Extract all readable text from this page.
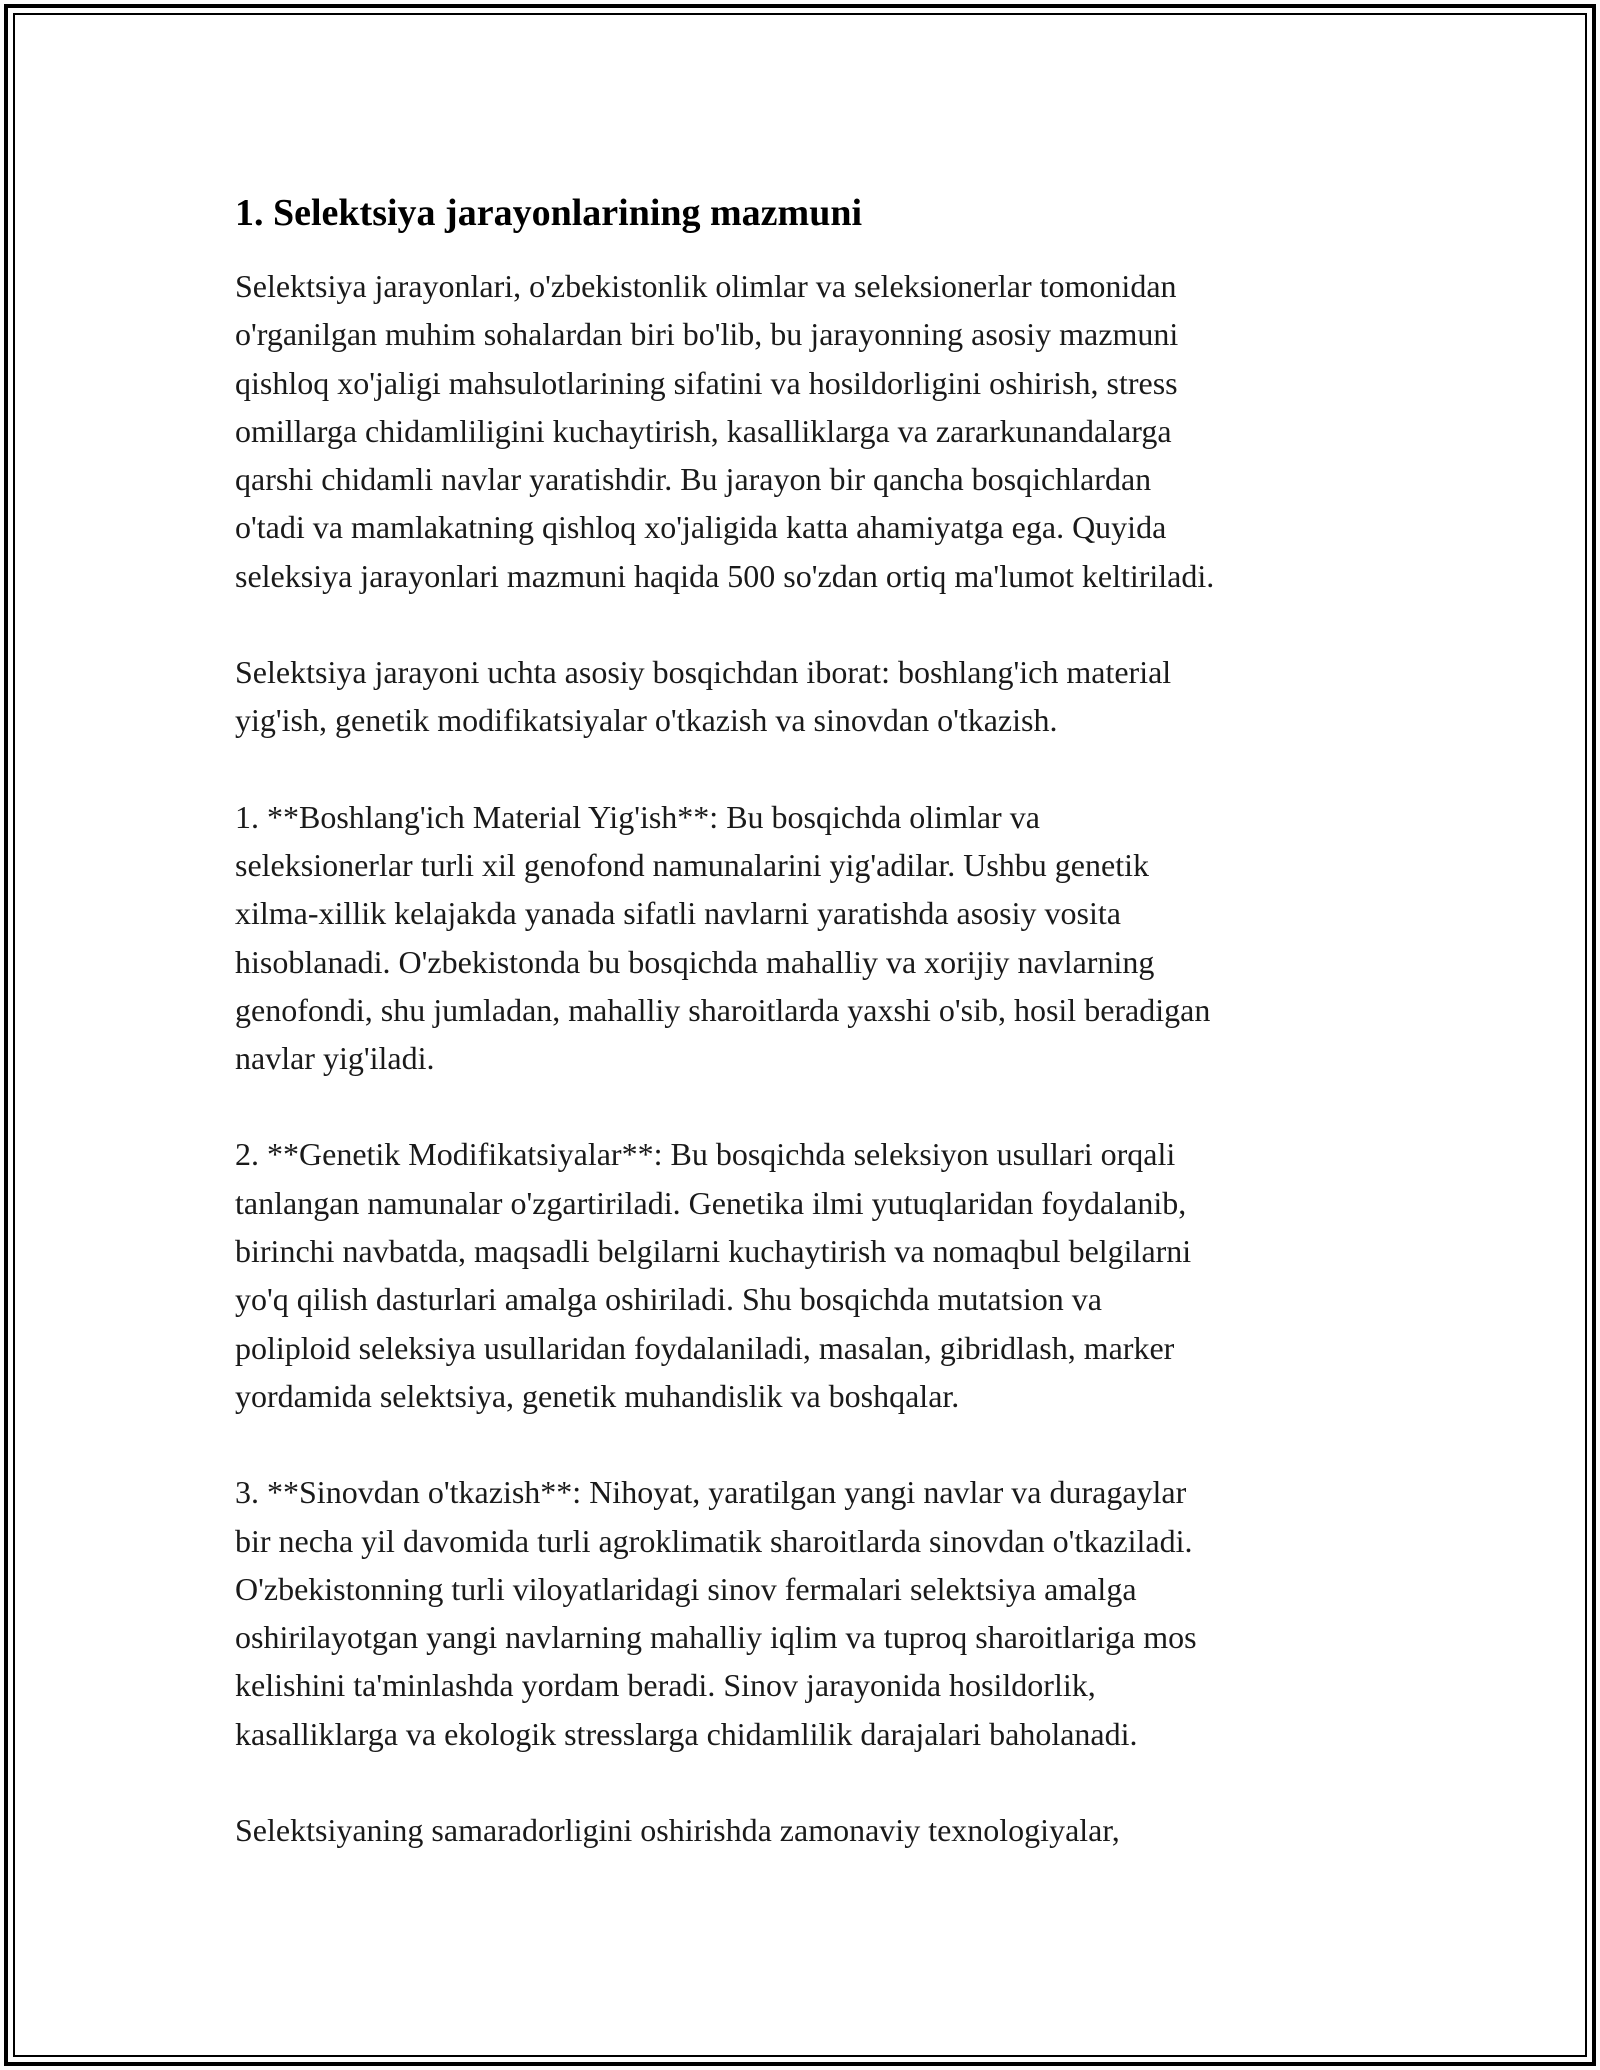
1. Selektsiya jarayonlarining mazmuni

Selektsiya jarayonlari, o'zbekistonlik olimlar va seleksionerlar tomonidan
o'rganilgan muhim sohalardan biri bo'lib, bu jarayonning asosiy mazmuni
qishloq xo'jaligi mahsulotlarining sifatini va hosildorligini oshirish, stress
omillarga chidamliligini kuchaytirish, kasalliklarga va zararkunandalarga
qarshi chidamli navlar yaratishdir. Bu jarayon bir qancha bosqichlardan
o'tadi va mamlakatning qishloq xo'jaligida katta ahamiyatga ega. Quyida
seleksiya jarayonlari mazmuni haqida 500 so'zdan ortiq ma'lumot keltiriladi.

Selektsiya jarayoni uchta asosiy bosqichdan iborat: boshlang'ich material
yig'ish, genetik modifikatsiyalar o'tkazish va sinovdan o'tkazish.

1. **Boshlang'ich Material Yig'ish**: Bu bosqichda olimlar va
seleksionerlar turli xil genofond namunalarini yig'adilar. Ushbu genetik
xilma-xillik kelajakda yanada sifatli navlarni yaratishda asosiy vosita
hisoblanadi. O'zbekistonda bu bosqichda mahalliy va xorijiy navlarning
genofondi, shu jumladan, mahalliy sharoitlarda yaxshi o'sib, hosil beradigan
navlar yig'iladi.

2. **Genetik Modifikatsiyalar**: Bu bosqichda seleksiyon usullari orqali
tanlangan namunalar o'zgartiriladi. Genetika ilmi yutuqlaridan foydalanib,
birinchi navbatda, maqsadli belgilarni kuchaytirish va nomaqbul belgilarni
yo'q qilish dasturlari amalga oshiriladi. Shu bosqichda mutatsion va
poliploid seleksiya usullaridan foydalaniladi, masalan, gibridlash, marker
yordamida selektsiya, genetik muhandislik va boshqalar.

3. **Sinovdan o'tkazish**: Nihoyat, yaratilgan yangi navlar va duragaylar
bir necha yil davomida turli agroklimatik sharoitlarda sinovdan o'tkaziladi.
O'zbekistonning turli viloyatlaridagi sinov fermalari selektsiya amalga
oshirilayotgan yangi navlarning mahalliy iqlim va tuproq sharoitlariga mos
kelishini ta'minlashda yordam beradi. Sinov jarayonida hosildorlik,
kasalliklarga va ekologik stresslarga chidamlilik darajalari baholanadi.

Selektsiyaning samaradorligini oshirishda zamonaviy texnologiyalar,
